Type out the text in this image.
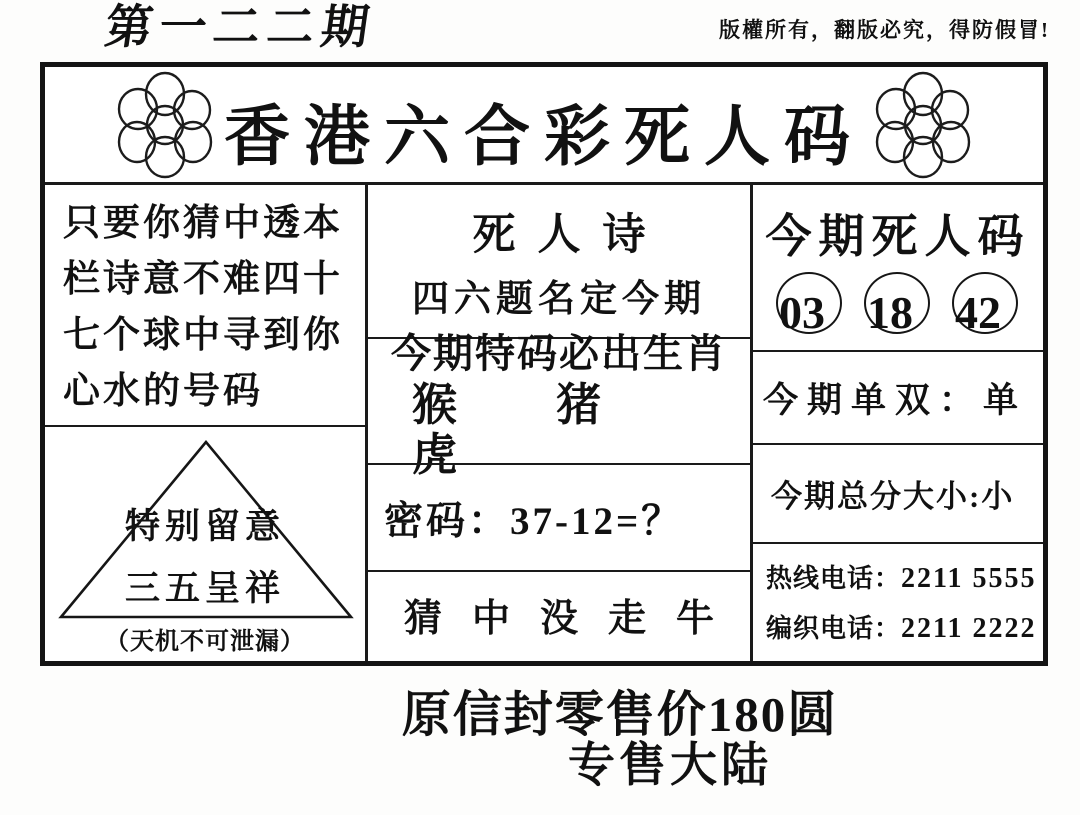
第一二二期	版權所有，翻版必究，得防假冒!
香港六合彩死人码
只要你猜中透本
栏诗意不难四十
七个球中寻到你
心水的号码
特别留意
三五呈祥
（天机不可泄漏）
死人诗
四六题名定今期
今期特码必出生肖
猴 猪 虎
密码：37-12=？
猜中没走牛
今期死人码
03 18 42
今期单双： 单
今期总分大小: 小
热线电话：2211 5555
编织电话：2211 2222
原信封零售价180圆
专售大陆
